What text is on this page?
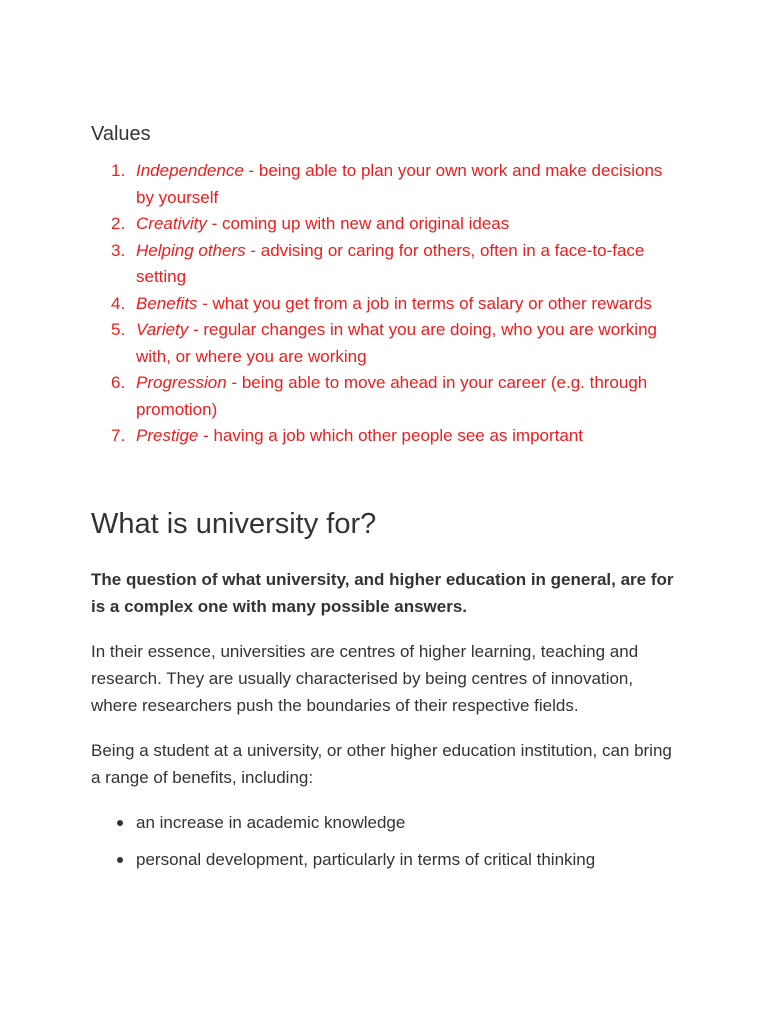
Values
1. Independence - being able to plan your own work and make decisions by yourself
2. Creativity - coming up with new and original ideas
3. Helping others - advising or caring for others, often in a face-to-face setting
4. Benefits - what you get from a job in terms of salary or other rewards
5. Variety - regular changes in what you are doing, who you are working with, or where you are working
6. Progression - being able to move ahead in your career (e.g. through promotion)
7. Prestige - having a job which other people see as important
What is university for?

The question of what university, and higher education in general, are for is a complex one with many possible answers.

In their essence, universities are centres of higher learning, teaching and research. They are usually characterised by being centres of innovation, where researchers push the boundaries of their respective fields.

Being a student at a university, or other higher education institution, can bring a range of benefits, including:

an increase in academic knowledge
personal development, particularly in terms of critical thinking
